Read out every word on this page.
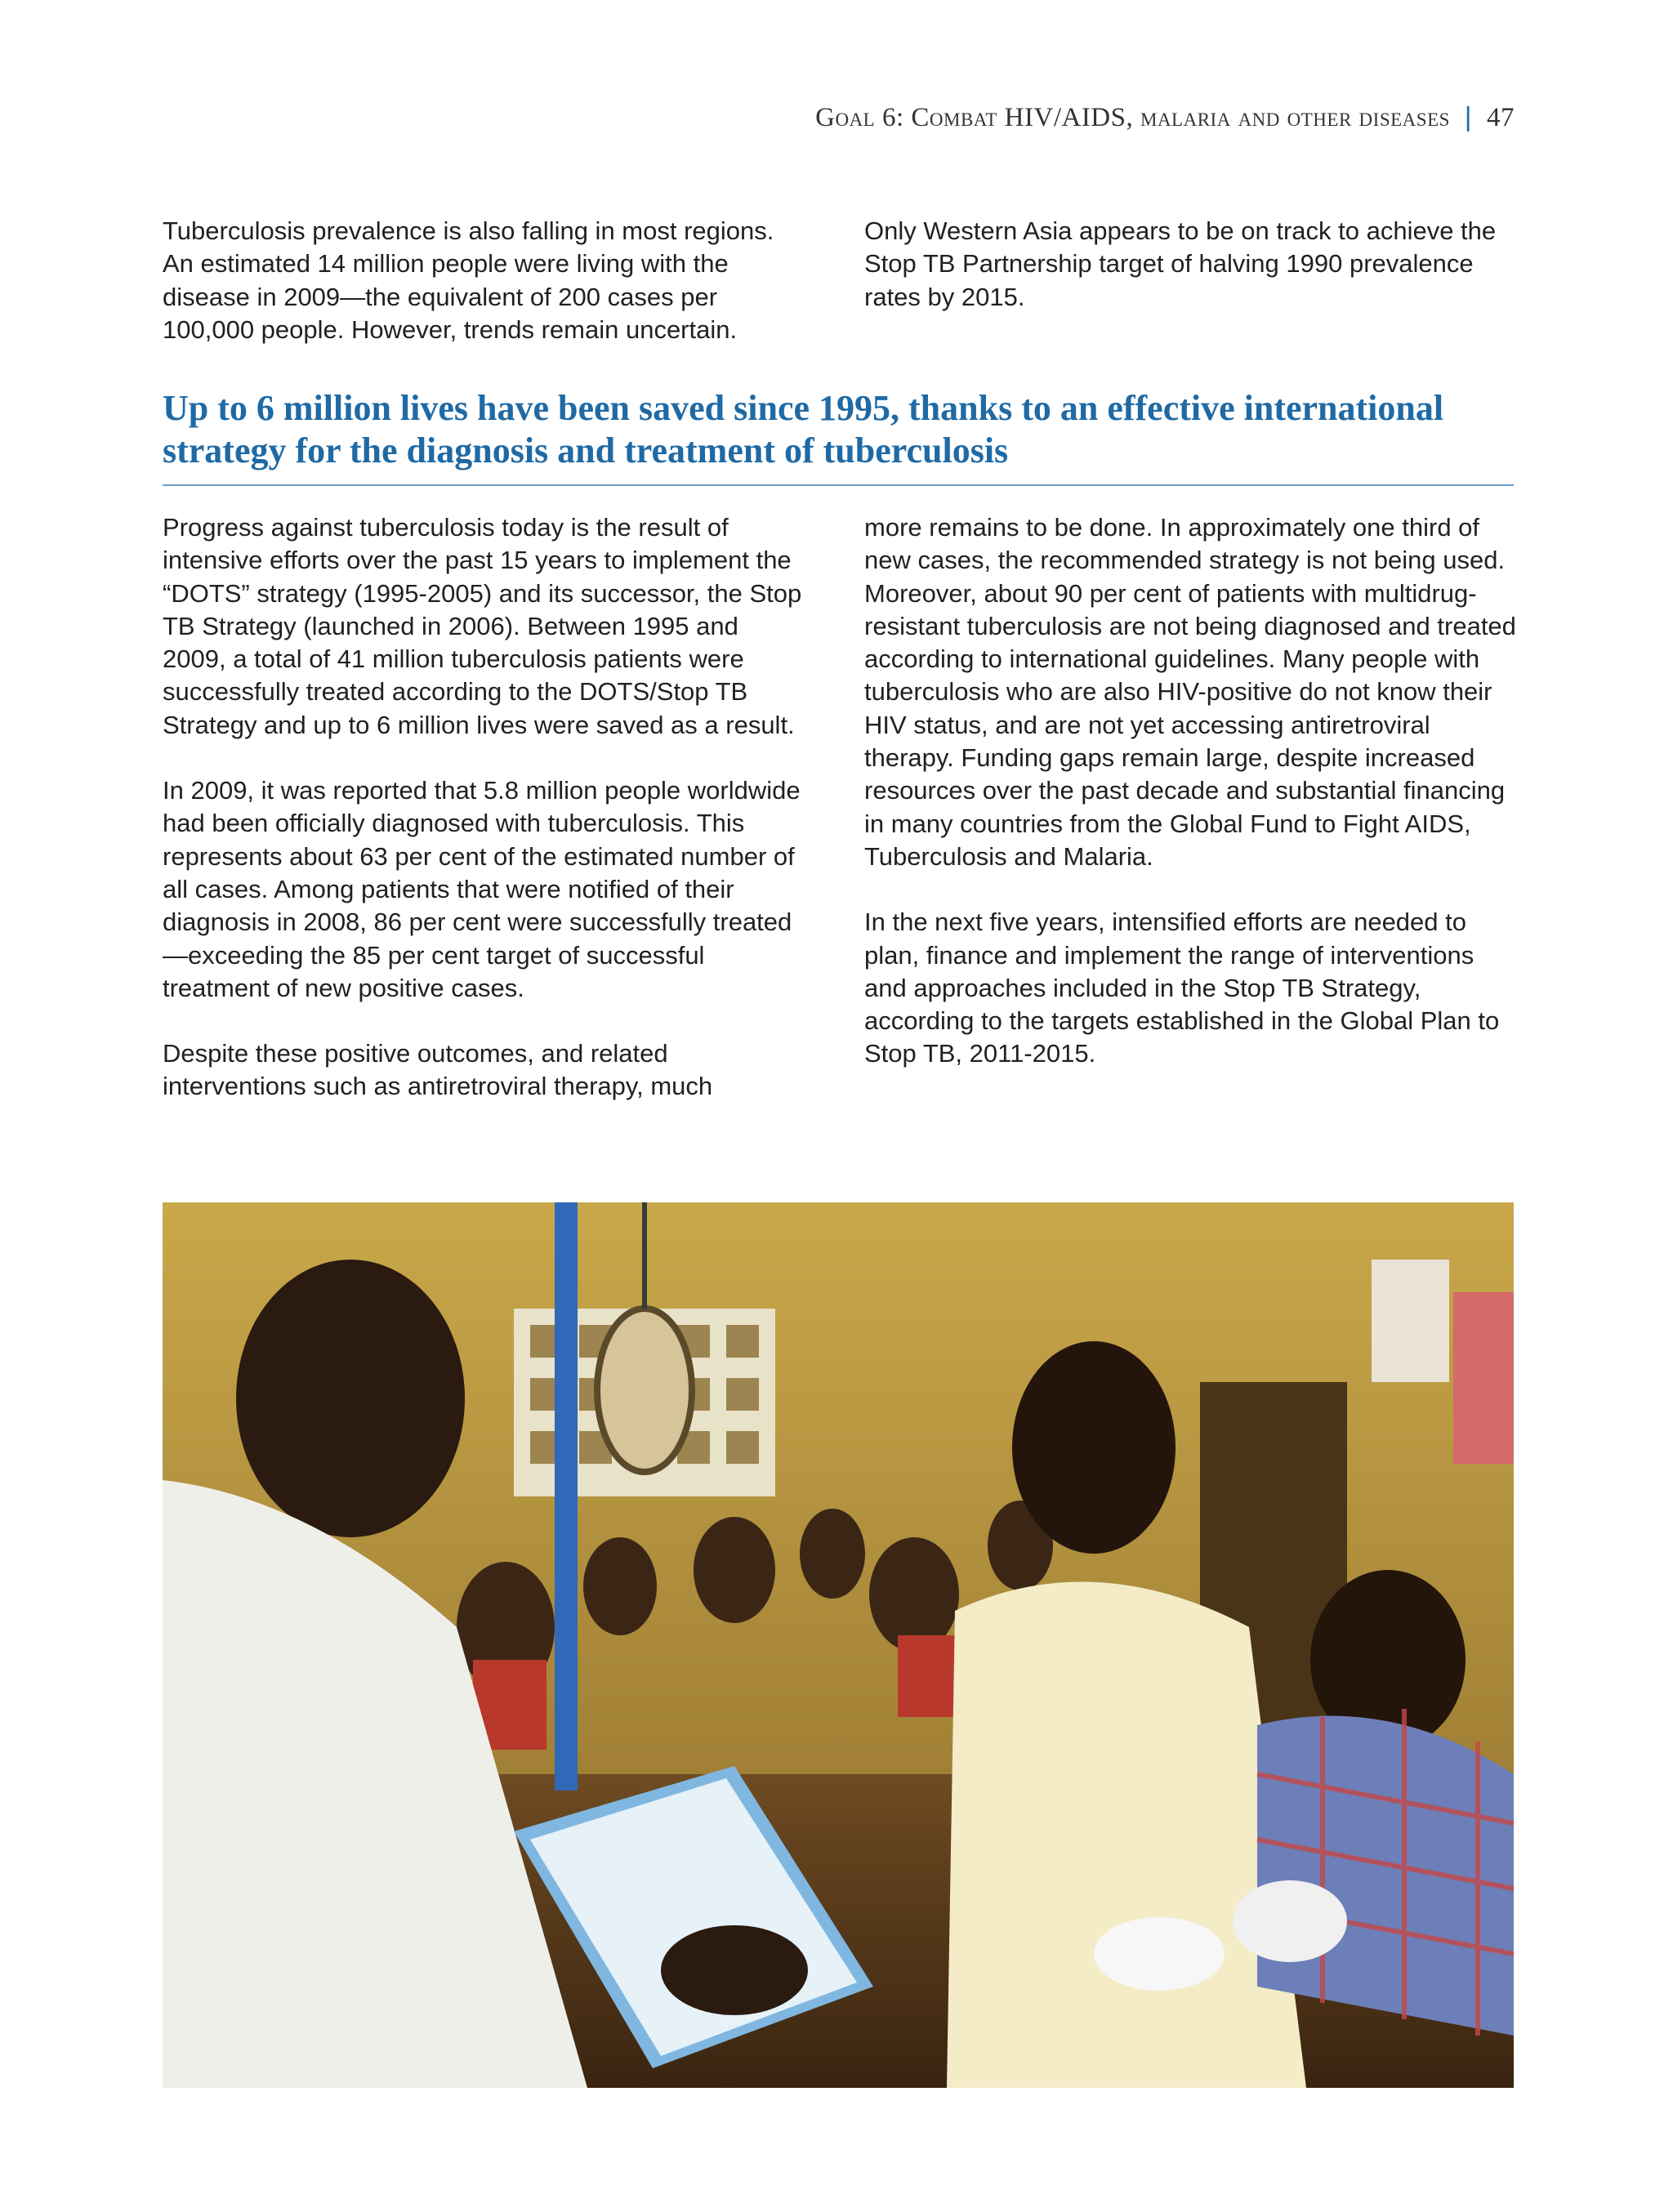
Goal 6: Combat HIV/AIDS, malaria and other diseases | 47

Tuberculosis prevalence is also falling in most regions. An estimated 14 million people were living with the disease in 2009—the equivalent of 200 cases per 100,000 people. However, trends remain uncertain.

Only Western Asia appears to be on track to achieve the Stop TB Partnership target of halving 1990 prevalence rates by 2015.

Up to 6 million lives have been saved since 1995, thanks to an effective international strategy for the diagnosis and treatment of tuberculosis

Progress against tuberculosis today is the result of intensive efforts over the past 15 years to implement the “DOTS” strategy (1995-2005) and its successor, the Stop TB Strategy (launched in 2006). Between 1995 and 2009, a total of 41 million tuberculosis patients were successfully treated according to the DOTS/Stop TB Strategy and up to 6 million lives were saved as a result.

In 2009, it was reported that 5.8 million people worldwide had been officially diagnosed with tuberculosis. This represents about 63 per cent of the estimated number of all cases. Among patients that were notified of their diagnosis in 2008, 86 per cent were successfully treated—exceeding the 85 per cent target of successful treatment of new positive cases.

Despite these positive outcomes, and related interventions such as antiretroviral therapy, much

more remains to be done. In approximately one third of new cases, the recommended strategy is not being used. Moreover, about 90 per cent of patients with multidrug-resistant tuberculosis are not being diagnosed and treated according to international guidelines. Many people with tuberculosis who are also HIV-positive do not know their HIV status, and are not yet accessing antiretroviral therapy. Funding gaps remain large, despite increased resources over the past decade and substantial financing in many countries from the Global Fund to Fight AIDS, Tuberculosis and Malaria.

In the next five years, intensified efforts are needed to plan, finance and implement the range of interventions and approaches included in the Stop TB Strategy, according to the targets established in the Global Plan to Stop TB, 2011-2015.
